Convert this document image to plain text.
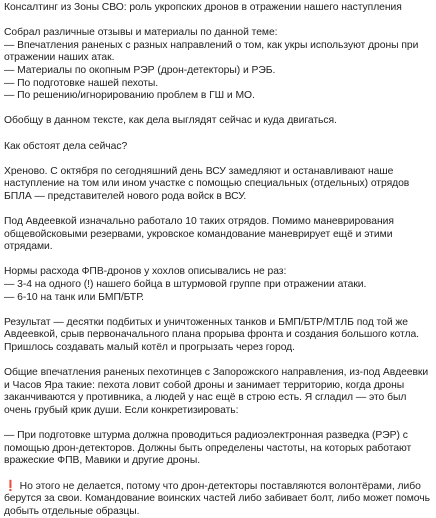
Консалтинг из Зоны СВО: роль укропских дронов в отражении нашего наступления

Собрал различные отзывы и материалы по данной теме:
— Впечатления раненых с разных направлений о том, как укры используют дроны при отражении наших атак.
— Материалы по окопным РЭР (дрон-детекторы) и РЭБ.
— По подготовке нашей пехоты.
— По решению/игнорированию проблем в ГШ и МО.

Обобщу в данном тексте, как дела выглядят сейчас и куда двигаться.

Как обстоят дела сейчас?

Хреново. С октября по сегодняшний день ВСУ замедляют и останавливают наше наступление на том или ином участке с помощью специальных (отдельных) отрядов БПЛА — представителей нового рода войск в ВСУ.

Под Авдеевкой изначально работало 10 таких отрядов. Помимо маневрирования общевойсковыми резервами, укровское командование маневрирует ещё и этими отрядами.

Нормы расхода ФПВ-дронов у хохлов описывались не раз:
— 3-4 на одного (!) нашего бойца в штурмовой группе при отражении атаки.
— 6-10 на танк или БМП/БТР.

Результат — десятки подбитых и уничтоженных танков и БМП/БТР/МТЛБ под той же Авдеевкой, срыв первоначального плана прорыва фронта и создания большого котла. Пришлось создавать малый котёл и прогрызать через город.

Общие впечатления раненых пехотинцев с Запорожского направления, из-под Авдеевки и Часов Яра такие: пехота ловит собой дроны и занимает территорию, когда дроны заканчиваются у противника, а людей у нас ещё в строю есть. Я сгладил — это был очень грубый крик души. Если конкретизировать:

— При подготовке штурма должна проводиться радиоэлектронная разведка (РЭР) с помощью дрон-детекторов. Должны быть определены частоты, на которых работают вражеские ФПВ, Мавики и другие дроны.

❗ Но этого не делается, потому что дрон-детекторы поставляются волонтёрами, либо берутся за свои. Командование воинских частей либо забивает болт, либо может помочь добыть отдельные образцы.
